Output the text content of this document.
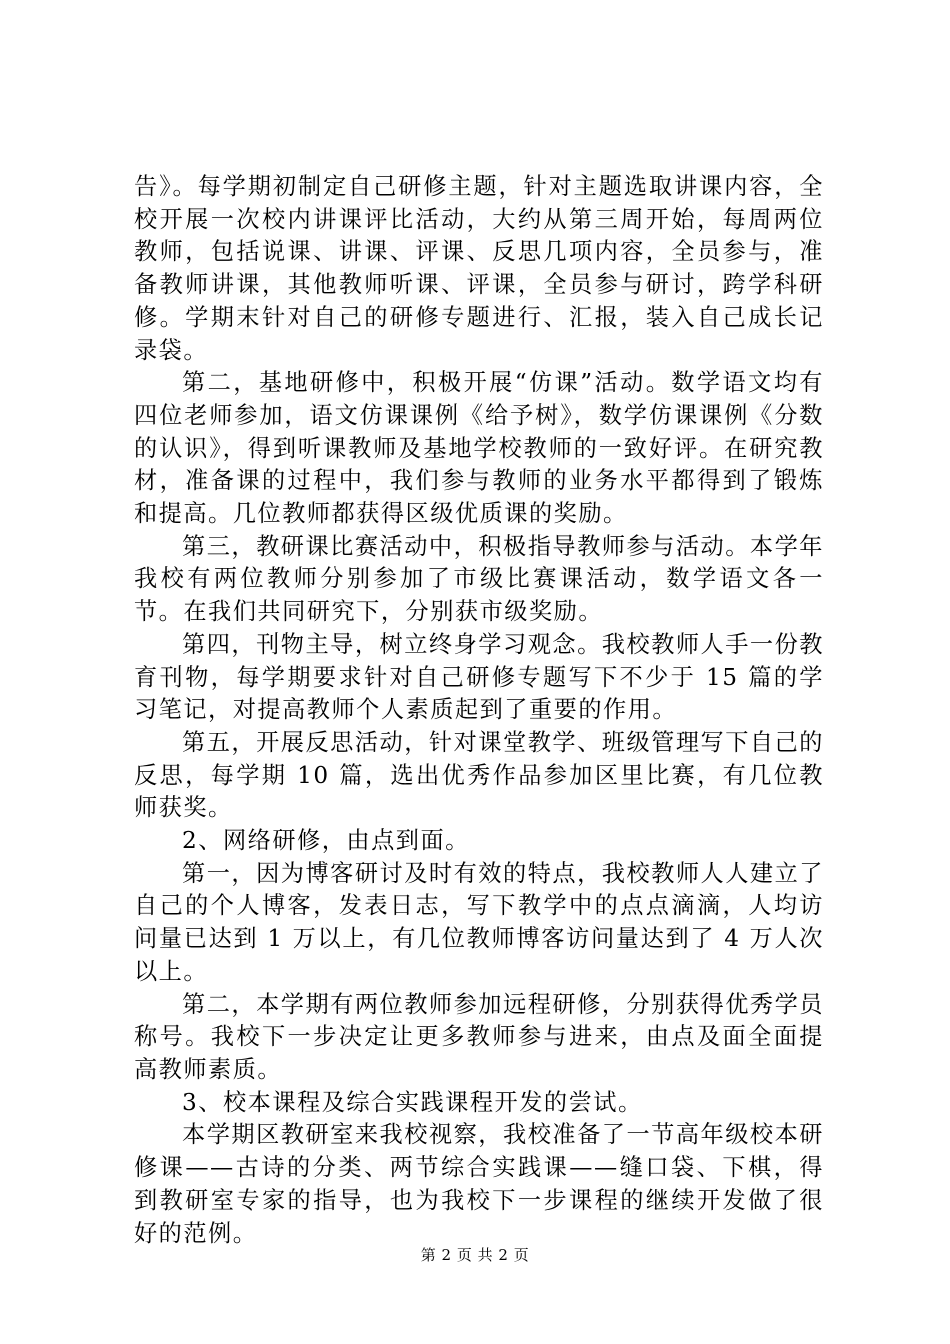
告》。每学期初制定自己研修主题，针对主题选取讲课内容，全校开展一次校内讲课评比活动，大约从第三周开始，每周两位教师，包括说课、讲课、评课、反思几项内容，全员参与，准备教师讲课，其他教师听课、评课，全员参与研讨，跨学科研修。学期末针对自己的研修专题进行、汇报，装入自己成长记录袋。

第二，基地研修中，积极开展“仿课”活动。数学语文均有四位老师参加，语文仿课课例《给予树》，数学仿课课例《分数的认识》，得到听课教师及基地学校教师的一致好评。在研究教材，准备课的过程中，我们参与教师的业务水平都得到了锻炼和提高。几位教师都获得区级优质课的奖励。

第三，教研课比赛活动中，积极指导教师参与活动。本学年我校有两位教师分别参加了市级比赛课活动，数学语文各一节。在我们共同研究下，分别获市级奖励。

第四，刊物主导，树立终身学习观念。我校教师人手一份教育刊物，每学期要求针对自己研修专题写下不少于 15 篇的学习笔记，对提高教师个人素质起到了重要的作用。

第五，开展反思活动，针对课堂教学、班级管理写下自己的反思，每学期 10 篇，选出优秀作品参加区里比赛，有几位教师获奖。

2、网络研修，由点到面。

第一，因为博客研讨及时有效的特点，我校教师人人建立了自己的个人博客，发表日志，写下教学中的点点滴滴，人均访问量已达到 1 万以上，有几位教师博客访问量达到了 4 万人次以上。

第二，本学期有两位教师参加远程研修，分别获得优秀学员称号。我校下一步决定让更多教师参与进来，由点及面全面提高教师素质。

3、校本课程及综合实践课程开发的尝试。

本学期区教研室来我校视察，我校准备了一节高年级校本研修课——古诗的分类、两节综合实践课——缝口袋、下棋，得到教研室专家的指导，也为我校下一步课程的继续开发做了很好的范例。

第 2 页 共 2 页
